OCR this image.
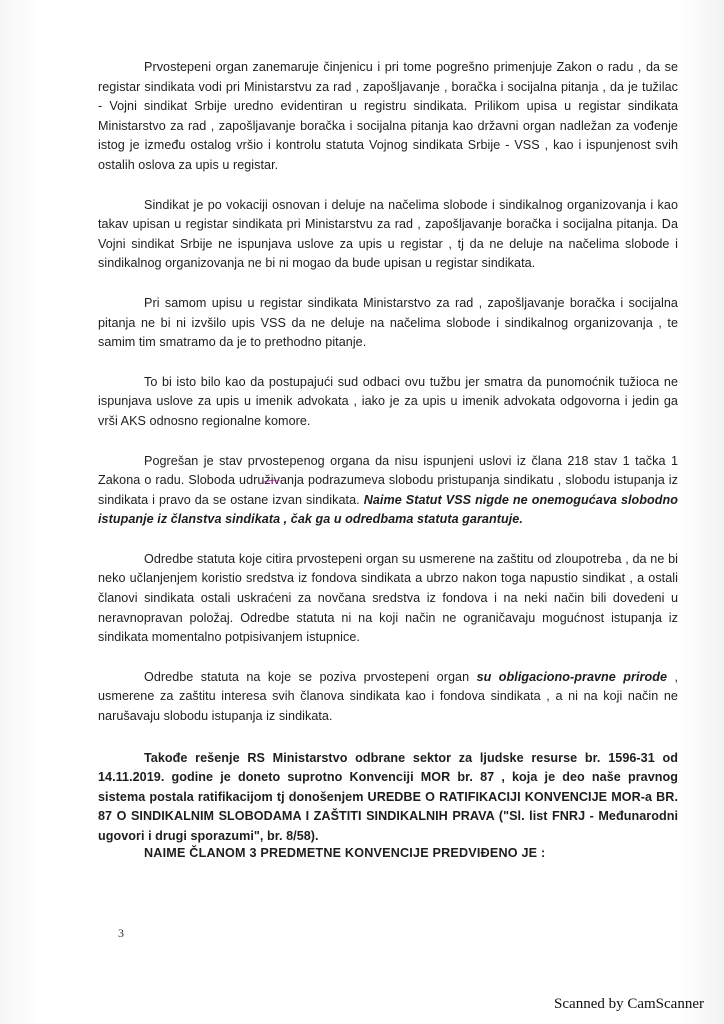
Prvostepeni organ zanemaruje činjenicu i pri tome pogrešno primenjuje Zakon o radu , da se registar sindikata vodi pri Ministarstvu za rad , zapošljavanje , boračka i socijalna pitanja , da je tužilac - Vojni sindikat Srbije uredno evidentiran u registru sindikata. Prilikom upisa u registar sindikata Ministarstvo za rad , zapošljavanje boračka i socijalna pitanja kao državni organ nadležan za vođenje istog je između ostalog vršio i kontrolu statuta Vojnog sindikata Srbije - VSS , kao i ispunjenost svih ostalih oslova za upis u registar.

Sindikat je po vokaciji osnovan i deluje na načelima slobode i sindikalnog organizovanja i kao takav upisan u registar sindikata pri Ministarstvu za rad , zapošljavanje boračka i socijalna pitanja. Da Vojni sindikat Srbije ne ispunjava uslove za upis u registar , tj da ne deluje na načelima slobode i sindikalnog organizovanja ne bi ni mogao da bude upisan u registar sindikata.

Pri samom upisu u registar sindikata Ministarstvo za rad , zapošljavanje boračka i socijalna pitanja ne bi ni izvšilo upis VSS da ne deluje na načelima slobode i sindikalnog organizovanja , te samim tim smatramo da je to prethodno pitanje.

To bi isto bilo kao da postupajući sud odbaci ovu tužbu jer smatra da punomoćnik tužioca ne ispunjava uslove za upis u imenik advokata , iako je za upis u imenik advokata odgovorna i jedin ga vrši AKS odnosno regionalne komore.

Pogrešan je stav prvostepenog organa da nisu ispunjeni uslovi iz člana 218 stav 1 tačka 1 Zakona o radu. Sloboda udruživanja podrazumeva slobodu pristupanja sindikatu , slobodu istupanja iz sindikata i pravo da se ostane izvan sindikata. Naime Statut VSS nigde ne onemogućava slobodno istupanje iz članstva sindikata , čak ga u odredbama statuta garantuje.

Odredbe statuta koje citira prvostepeni organ su usmerene na zaštitu od zloupotreba , da ne bi neko učlanjenjem koristio sredstva iz fondova sindikata a ubrzo nakon toga napustio sindikat , a ostali članovi sindikata ostali uskraćeni za novčana sredstva iz fondova i na neki način bili dovedeni u neravnopravan položaj. Odredbe statuta ni na koji način ne ograničavaju mogućnost istupanja iz sindikata momentalno potpisivanjem istupnice.

Odredbe statuta na koje se poziva prvostepeni organ su obligaciono-pravne prirode , usmerene za zaštitu interesa svih članova sindikata kao i fondova sindikata , a ni na koji način ne narušavaju slobodu istupanja iz sindikata.

Takođe rešenje RS Ministarstvo odbrane sektor za ljudske resurse br. 1596-31 od 14.11.2019. godine je doneto suprotno Konvenciji MOR br. 87 , koja je deo naše pravnog sistema postala ratifikacijom tj donošenjem UREDBE O RATIFIKACIJI KONVENCIJE MOR-a BR. 87 O SINDIKALNIM SLOBODAMA I ZAŠTITI SINDIKALNIH PRAVA ("Sl. list FNRJ - Međunarodni ugovori i drugi sporazumi", br. 8/58).

NAIME ČLANOM 3 PREDMETNE KONVENCIJE PREDVIĐENO JE :
3
Scanned by CamScanner
